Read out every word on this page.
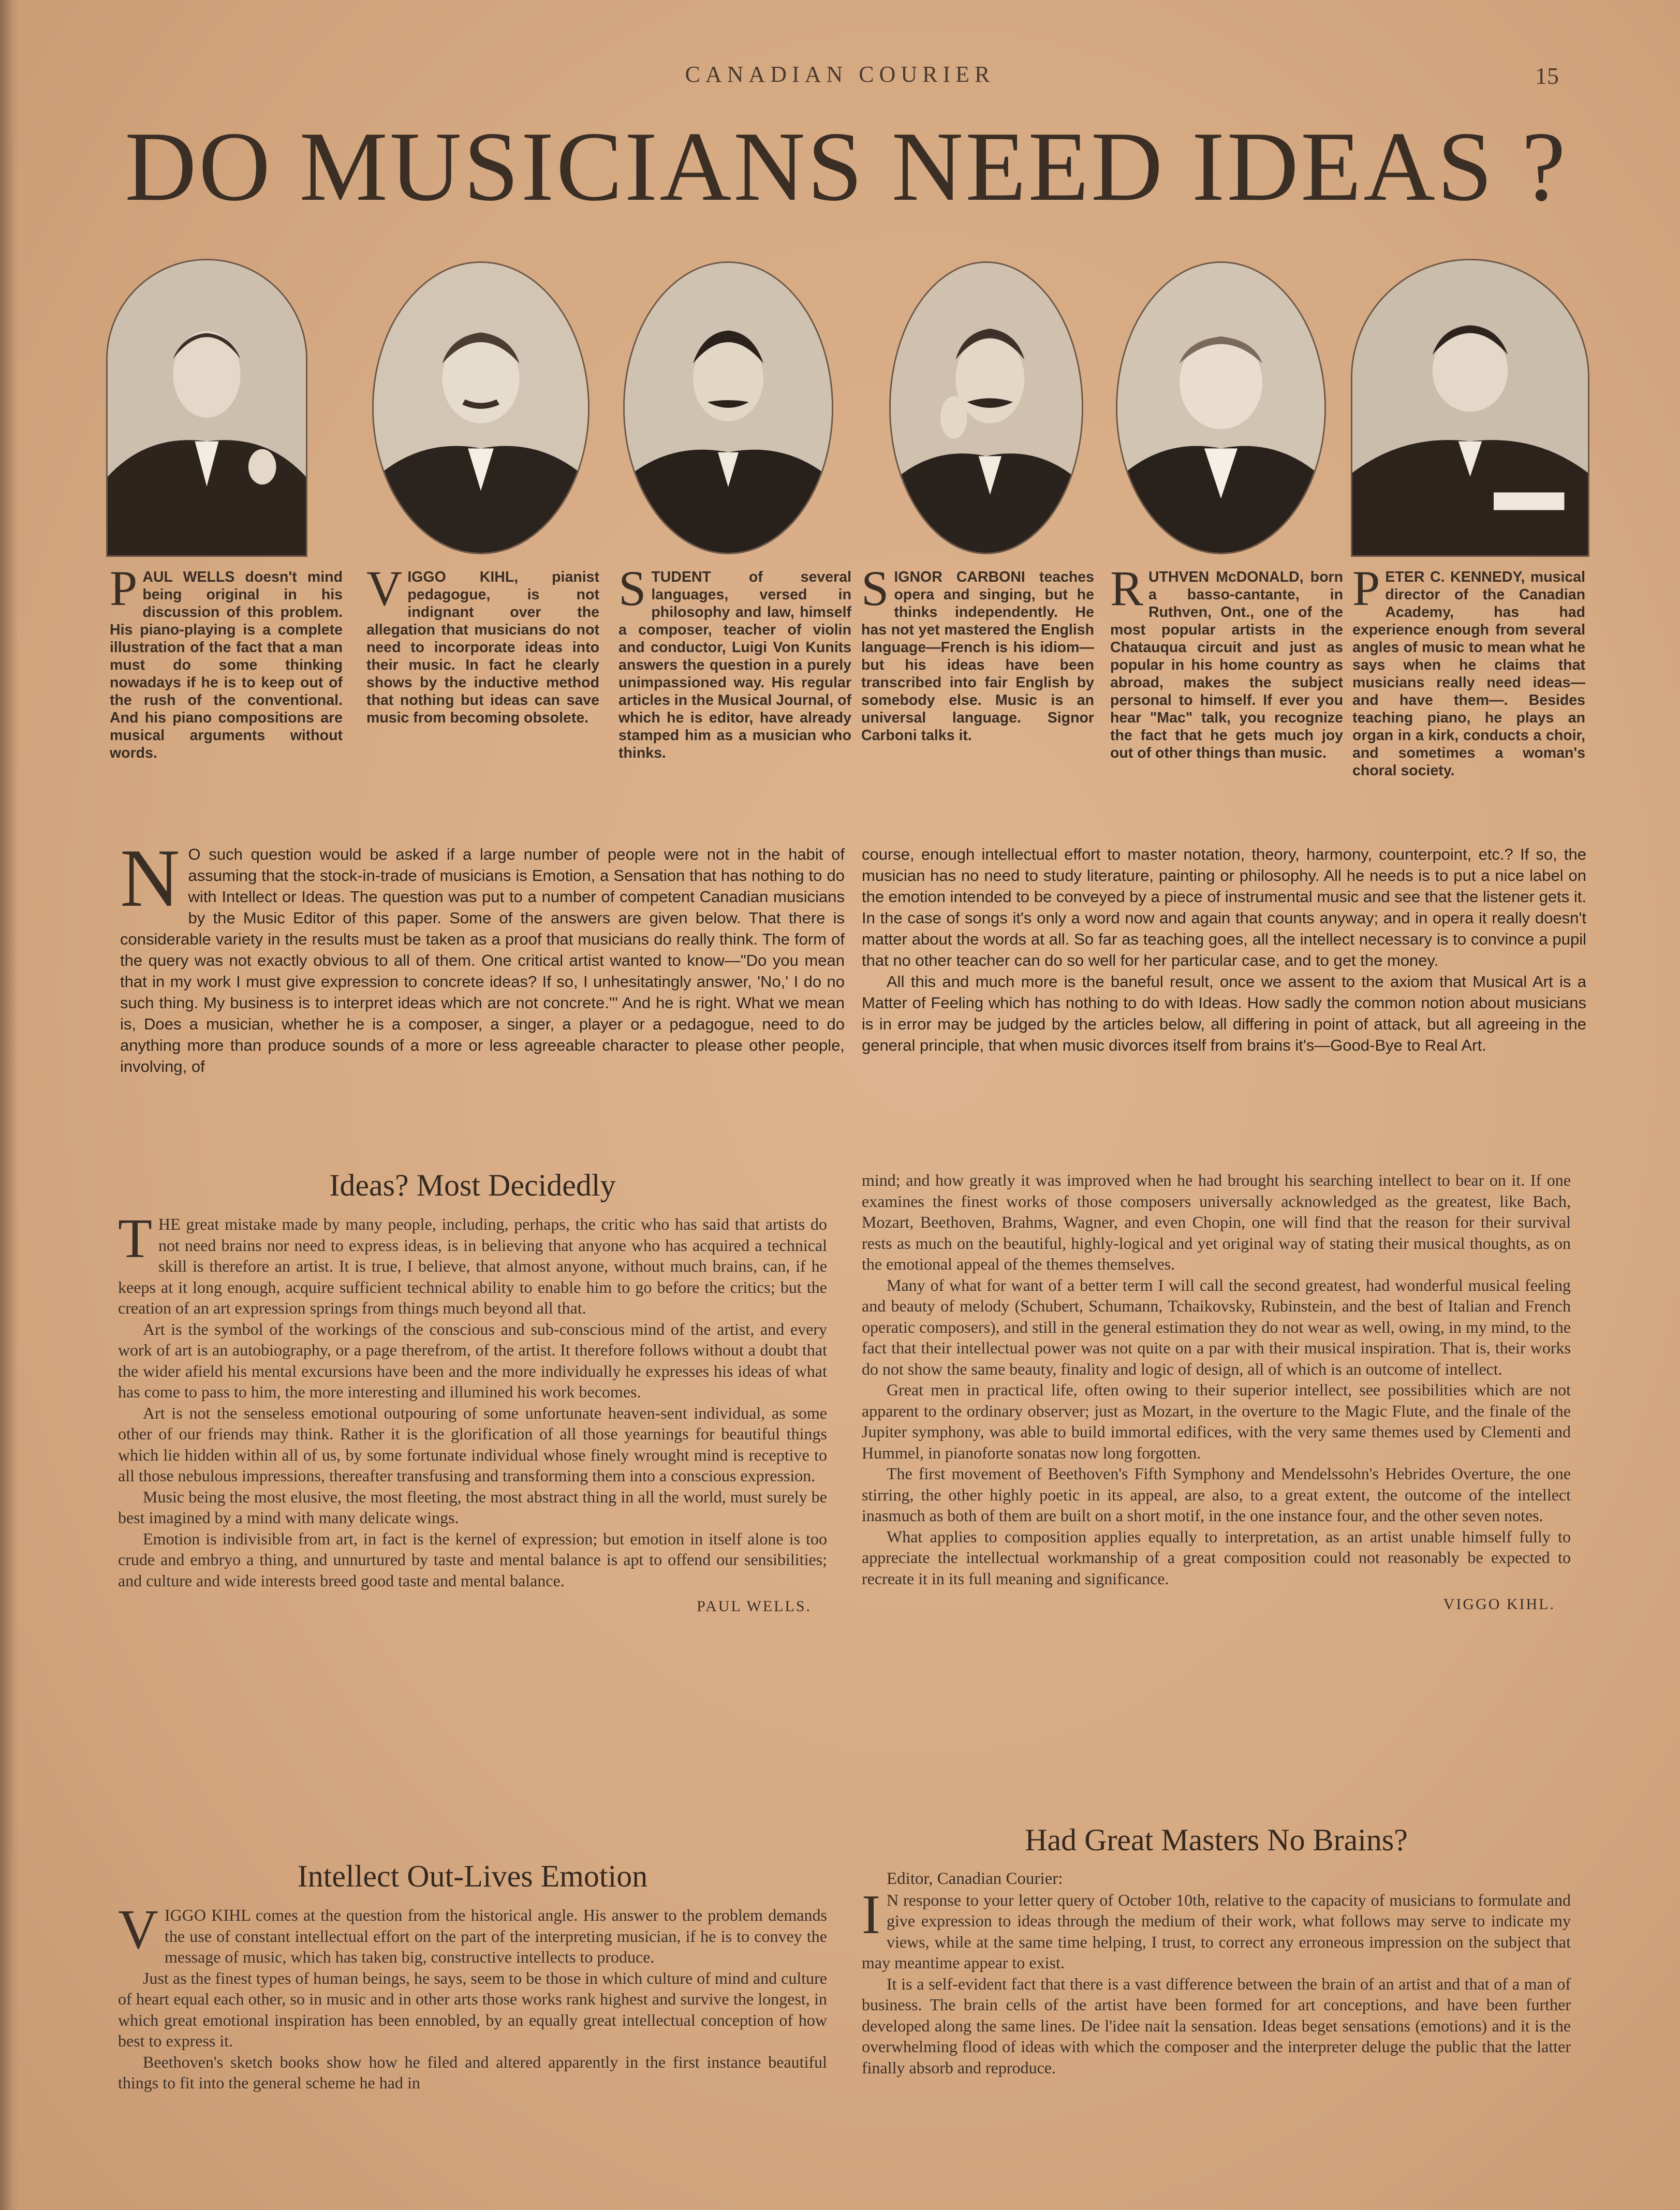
CANADIAN COURIER	15
DO MUSICIANS NEED IDEAS ?
PAUL WELLS doesn't mind being original in his discussion of this problem. His piano-playing is a complete illustration of the fact that a man must do some thinking nowadays if he is to keep out of the rush of the conventional. And his piano compositions are musical arguments without words.
VIGGO KIHL, pianist pedagogue, is not indignant over the allegation that musicians do not need to incorporate ideas into their music. In fact he clearly shows by the inductive method that nothing but ideas can save music from becoming obsolete.
STUDENT of several languages, versed in philosophy and law, himself a composer, teacher of violin and conductor, Luigi Von Kunits answers the question in a purely unimpassioned way. His regular articles in the Musical Journal, of which he is editor, have already stamped him as a musician who thinks.
SIGNOR CARBONI teaches opera and singing, but he thinks independently. He has not yet mastered the English language—French is his idiom—but his ideas have been transcribed into fair English by somebody else. Music is an universal language. Signor Carboni talks it.
RUTHVEN McDONALD, born a basso-cantante, in Ruthven, Ont., one of the most popular artists in the Chatauqua circuit and just as popular in his home country as abroad, makes the subject personal to himself. If ever you hear "Mac" talk, you recognize the fact that he gets much joy out of other things than music.
PETER C. KENNEDY, musical director of the Canadian Academy, has had experience enough from several angles of music to mean what he says when he claims that musicians really need ideas—and have them—. Besides teaching piano, he plays an organ in a kirk, conducts a choir, and sometimes a woman's choral society.
N O such question would be asked if a large number of people were not in the habit of assuming that the stock-in-trade of musicians is Emotion, a Sensation that has nothing to do with Intellect or Ideas. The question was put to a number of competent Canadian musicians by the Music Editor of this paper. Some of the answers are given below. That there is considerable variety in the results must be taken as a proof that musicians do really think. The form of the query was not exactly obvious to all of them. One critical artist wanted to know—"Do you mean that in my work I must give expression to concrete ideas? If so, I unhesitatingly answer, 'No,' I do no such thing. My business is to interpret ideas which are not concrete.'" And he is right. What we mean is, Does a musician, whether he is a composer, a singer, a player or a pedagogue, need to do anything more than produce sounds of a more or less agreeable character to please other people, involving, of

course, enough intellectual effort to master notation, theory, harmony, counterpoint, etc.? If so, the musician has no need to study literature, painting or philosophy. All he needs is to put a nice label on the emotion intended to be conveyed by a piece of instrumental music and see that the listener gets it. In the case of songs it's only a word now and again that counts anyway; and in opera it really doesn't matter about the words at all. So far as teaching goes, all the intellect necessary is to convince a pupil that no other teacher can do so well for her particular case, and to get the money.

All this and much more is the baneful result, once we assent to the axiom that Musical Art is a Matter of Feeling which has nothing to do with Ideas. How sadly the common notion about musicians is in error may be judged by the articles below, all differing in point of attack, but all agreeing in the general principle, that when music divorces itself from brains it's—Good-Bye to Real Art.

Ideas? Most Decidedly

THE great mistake made by many people, including, perhaps, the critic who has said that artists do not need brains nor need to express ideas, is in believing that anyone who has acquired a technical skill is therefore an artist. It is true, I believe, that almost anyone, without much brains, can, if he keeps at it long enough, acquire sufficient technical ability to enable him to go before the critics; but the creation of an art expression springs from things much beyond all that.

Art is the symbol of the workings of the conscious and sub-conscious mind of the artist, and every work of art is an autobiography, or a page therefrom, of the artist. It therefore follows without a doubt that the wider afield his mental excursions have been and the more individually he expresses his ideas of what has come to pass to him, the more interesting and illumined his work becomes.

Art is not the senseless emotional outpouring of some unfortunate heaven-sent individual, as some other of our friends may think. Rather it is the glorification of all those yearnings for beautiful things which lie hidden within all of us, by some fortunate individual whose finely wrought mind is receptive to all those nebulous impressions, thereafter transfusing and transforming them into a conscious expression.

Music being the most elusive, the most fleeting, the most abstract thing in all the world, must surely be best imagined by a mind with many delicate wings.

Emotion is indivisible from art, in fact is the kernel of expression; but emotion in itself alone is too crude and embryo a thing, and unnurtured by taste and mental balance is apt to offend our sensibilities; and culture and wide interests breed good taste and mental balance.

PAUL WELLS.
Intellect Out-Lives Emotion

VIGGO KIHL comes at the question from the historical angle. His answer to the problem demands the use of constant intellectual effort on the part of the interpreting musician, if he is to convey the message of music, which has taken big, constructive intellects to produce.

Just as the finest types of human beings, he says, seem to be those in which culture of mind and culture of heart equal each other, so in music and in other arts those works rank highest and survive the longest, in which great emotional inspiration has been ennobled, by an equally great intellectual conception of how best to express it.

Beethoven's sketch books show how he filed and altered apparently in the first instance beautiful things to fit into the general scheme he had in

mind; and how greatly it was improved when he had brought his searching intellect to bear on it. If one examines the finest works of those composers universally acknowledged as the greatest, like Bach, Mozart, Beethoven, Brahms, Wagner, and even Chopin, one will find that the reason for their survival rests as much on the beautiful, highly-logical and yet original way of stating their musical thoughts, as on the emotional appeal of the themes themselves.

Many of what for want of a better term I will call the second greatest, had wonderful musical feeling and beauty of melody (Schubert, Schumann, Tchaikovsky, Rubinstein, and the best of Italian and French operatic composers), and still in the general estimation they do not wear as well, owing, in my mind, to the fact that their intellectual power was not quite on a par with their musical inspiration. That is, their works do not show the same beauty, finality and logic of design, all of which is an outcome of intellect.

Great men in practical life, often owing to their superior intellect, see possibilities which are not apparent to the ordinary observer; just as Mozart, in the overture to the Magic Flute, and the finale of the Jupiter symphony, was able to build immortal edifices, with the very same themes used by Clementi and Hummel, in pianoforte sonatas now long forgotten.

The first movement of Beethoven's Fifth Symphony and Mendelssohn's Hebrides Overture, the one stirring, the other highly poetic in its appeal, are also, to a great extent, the outcome of the intellect inasmuch as both of them are built on a short motif, in the one instance four, and the other seven notes.

What applies to composition applies equally to interpretation, as an artist unable himself fully to appreciate the intellectual workmanship of a great composition could not reasonably be expected to recreate it in its full meaning and significance.

VIGGO KIHL.
Had Great Masters No Brains?

Editor, Canadian Courier:

I N response to your letter query of October 10th, relative to the capacity of musicians to formulate and give expression to ideas through the medium of their work, what follows may serve to indicate my views, while at the same time helping, I trust, to correct any erroneous impression on the subject that may meantime appear to exist.

It is a self-evident fact that there is a vast difference between the brain of an artist and that of a man of business. The brain cells of the artist have been formed for art conceptions, and have been further developed along the same lines. De l'idee nait la sensation. Ideas beget sensations (emotions) and it is the overwhelming flood of ideas with which the composer and the interpreter deluge the public that the latter finally absorb and reproduce.
